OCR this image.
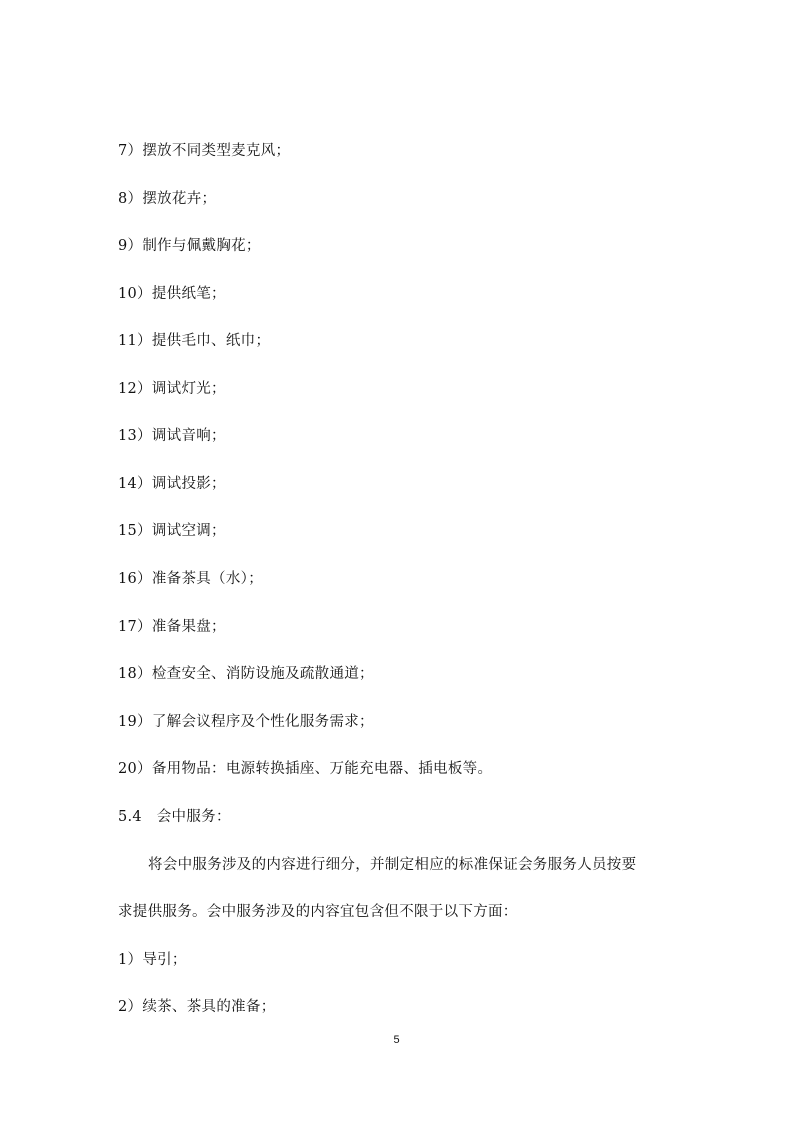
7）摆放不同类型麦克风；
8）摆放花卉；
9）制作与佩戴胸花；
10）提供纸笔；
11）提供毛巾、纸巾；
12）调试灯光；
13）调试音响；
14）调试投影；
15）调试空调；
16）准备茶具（水）；
17）准备果盘；
18）检查安全、消防设施及疏散通道；
19）了解会议程序及个性化服务需求；
20）备用物品：电源转换插座、万能充电器、插电板等。
5.4　会中服务：
将会中服务涉及的内容进行细分，并制定相应的标准保证会务服务人员按要
求提供服务。会中服务涉及的内容宜包含但不限于以下方面：
1）导引；
2）续茶、茶具的准备；
5
